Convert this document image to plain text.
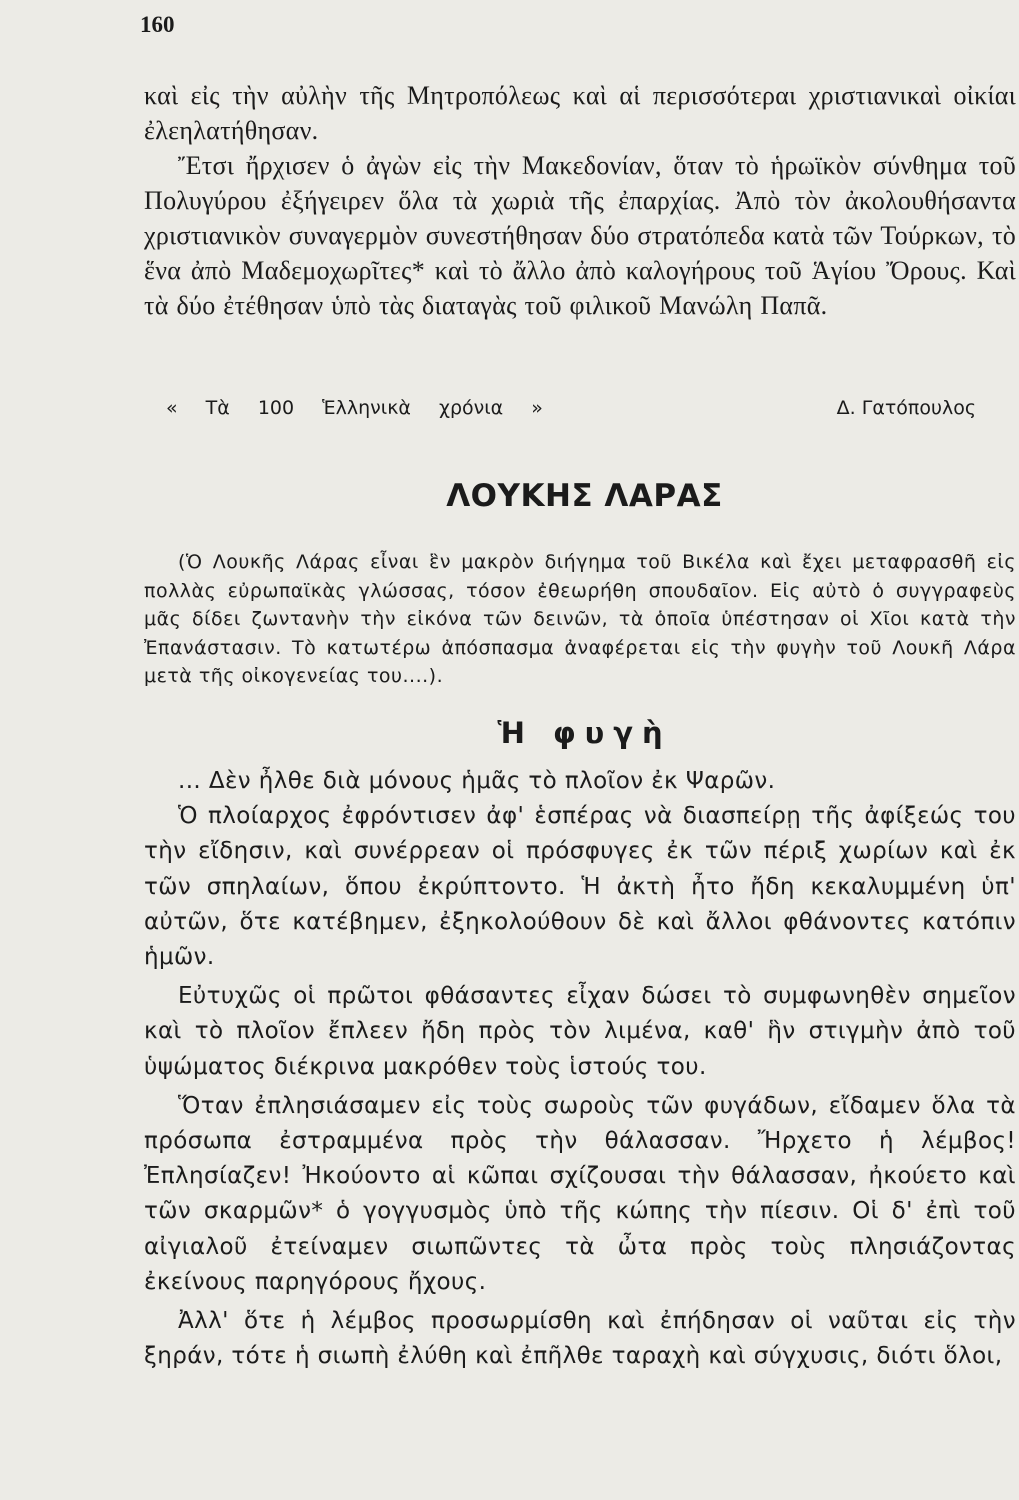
160

καὶ εἰς τὴν αὐλὴν τῆς Μητροπόλεως καὶ αἱ περισσότεραι χριστιανικαὶ οἰκίαι ἐλεηλατήθησαν.

Ἔτσι ἤρχισεν ὁ ἀγὼν εἰς τὴν Μακεδονίαν, ὅταν τὸ ἡρωϊκὸν σύνθημα τοῦ Πολυγύρου ἐξήγειρεν ὅλα τὰ χωριὰ τῆς ἐπαρχίας. Ἀπὸ τὸν ἀκολουθήσαντα χριστιανικὸν συναγερμὸν συνεστήθησαν δύο στρατόπεδα κατὰ τῶν Τούρκων, τὸ ἕνα ἀπὸ Μαδεμοχωρῖτες* καὶ τὸ ἄλλο ἀπὸ καλογήρους τοῦ Ἁγίου Ὄρους. Καὶ τὰ δύο ἐτέθησαν ὑπὸ τὰς διαταγὰς τοῦ φιλικοῦ Μανώλη Παπᾶ.

« Τὰ 100 Ἑλληνικὰ χρόνια »	Δ. Γατόπουλος
ΛΟΥΚΗΣ ΛΑΡΑΣ

(Ὁ Λουκῆς Λάρας εἶναι ἓν μακρὸν διήγημα τοῦ Βικέλα καὶ ἔχει μεταφρασθῆ εἰς πολλὰς εὐρωπαϊκὰς γλώσσας, τόσον ἐθεωρήθη σπουδαῖον. Εἰς αὐτὸ ὁ συγγραφεὺς μᾶς δίδει ζωντανὴν τὴν εἰκόνα τῶν δεινῶν, τὰ ὁποῖα ὑπέστησαν οἱ Χῖοι κατὰ τὴν Ἐπανάστασιν. Τὸ κατωτέρω ἀπόσπασμα ἀναφέρεται εἰς τὴν φυγὴν τοῦ Λουκῆ Λάρα μετὰ τῆς οἰκογενείας του....).

Ἡ φυγὴ

... Δὲν ἦλθε διὰ μόνους ἡμᾶς τὸ πλοῖον ἐκ Ψαρῶν.

Ὁ πλοίαρχος ἐφρόντισεν ἀφ' ἑσπέρας νὰ διασπείρῃ τῆς ἀφίξεώς του τὴν εἴδησιν, καὶ συνέρρεαν οἱ πρόσφυγες ἐκ τῶν πέριξ χωρίων καὶ ἐκ τῶν σπηλαίων, ὅπου ἐκρύπτοντο. Ἡ ἀκτὴ ἦτο ἤδη κεκαλυμμένη ὑπ' αὐτῶν, ὅτε κατέβημεν, ἐξηκολούθουν δὲ καὶ ἄλλοι φθάνοντες κατόπιν ἡμῶν.

Εὐτυχῶς οἱ πρῶτοι φθάσαντες εἶχαν δώσει τὸ συμφωνηθὲν σημεῖον καὶ τὸ πλοῖον ἔπλεεν ἤδη πρὸς τὸν λιμένα, καθ' ἣν στιγμὴν ἀπὸ τοῦ ὑψώματος διέκρινα μακρόθεν τοὺς ἱστούς του.

Ὅταν ἐπλησιάσαμεν εἰς τοὺς σωροὺς τῶν φυγάδων, εἴδαμεν ὅλα τὰ πρόσωπα ἐστραμμένα πρὸς τὴν θάλασσαν. Ἤρχετο ἡ λέμβος! Ἐπλησίαζεν! Ἠκούοντο αἱ κῶπαι σχίζουσαι τὴν θάλασσαν, ἠκούετο καὶ τῶν σκαρμῶν* ὁ γογγυσμὸς ὑπὸ τῆς κώπης τὴν πίεσιν. Οἱ δ' ἐπὶ τοῦ αἰγιαλοῦ ἐτείναμεν σιωπῶντες τὰ ὦτα πρὸς τοὺς πλησιάζοντας ἐκείνους παρηγόρους ἤχους.

Ἀλλ' ὅτε ἡ λέμβος προσωρμίσθη καὶ ἐπήδησαν οἱ ναῦται εἰς τὴν ξηράν, τότε ἡ σιωπὴ ἐλύθη καὶ ἐπῆλθε ταραχὴ καὶ σύγχυσις, διότι ὅλοι,
